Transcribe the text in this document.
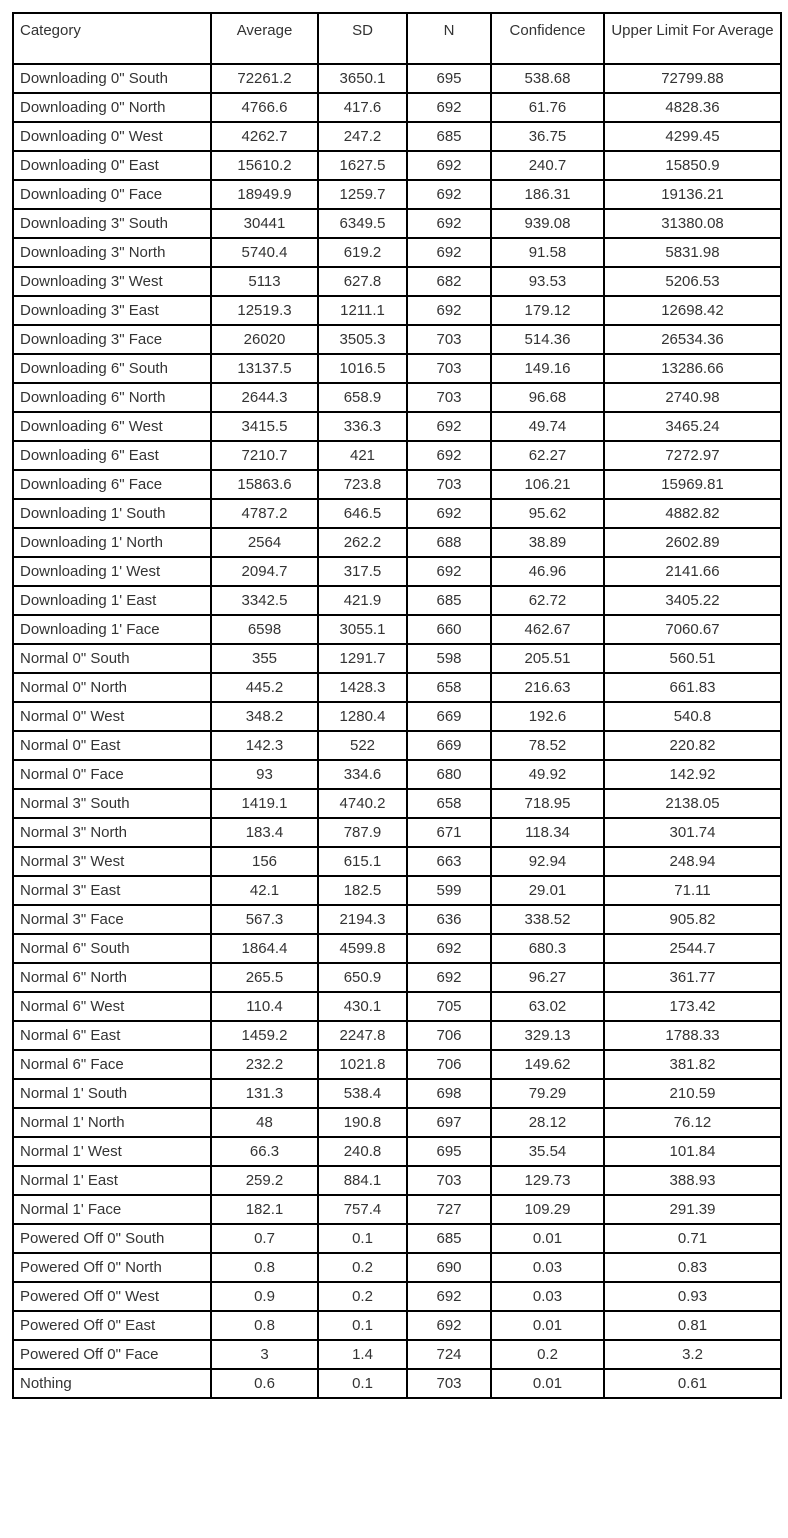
Category	Average	SD	N	Confidence	Upper Limit For Average
Downloading 0" South	72261.2	3650.1	695	538.68	72799.88
Downloading 0" North	4766.6	417.6	692	61.76	4828.36
Downloading 0" West	4262.7	247.2	685	36.75	4299.45
Downloading 0" East	15610.2	1627.5	692	240.7	15850.9
Downloading 0" Face	18949.9	1259.7	692	186.31	19136.21
Downloading 3" South	30441	6349.5	692	939.08	31380.08
Downloading 3" North	5740.4	619.2	692	91.58	5831.98
Downloading 3" West	5113	627.8	682	93.53	5206.53
Downloading 3" East	12519.3	1211.1	692	179.12	12698.42
Downloading 3" Face	26020	3505.3	703	514.36	26534.36
Downloading 6" South	13137.5	1016.5	703	149.16	13286.66
Downloading 6" North	2644.3	658.9	703	96.68	2740.98
Downloading 6" West	3415.5	336.3	692	49.74	3465.24
Downloading 6" East	7210.7	421	692	62.27	7272.97
Downloading 6" Face	15863.6	723.8	703	106.21	15969.81
Downloading 1' South	4787.2	646.5	692	95.62	4882.82
Downloading 1' North	2564	262.2	688	38.89	2602.89
Downloading 1' West	2094.7	317.5	692	46.96	2141.66
Downloading 1' East	3342.5	421.9	685	62.72	3405.22
Downloading 1' Face	6598	3055.1	660	462.67	7060.67
Normal 0" South	355	1291.7	598	205.51	560.51
Normal 0" North	445.2	1428.3	658	216.63	661.83
Normal 0" West	348.2	1280.4	669	192.6	540.8
Normal 0" East	142.3	522	669	78.52	220.82
Normal 0" Face	93	334.6	680	49.92	142.92
Normal 3" South	1419.1	4740.2	658	718.95	2138.05
Normal 3" North	183.4	787.9	671	118.34	301.74
Normal 3" West	156	615.1	663	92.94	248.94
Normal 3" East	42.1	182.5	599	29.01	71.11
Normal 3" Face	567.3	2194.3	636	338.52	905.82
Normal 6" South	1864.4	4599.8	692	680.3	2544.7
Normal 6" North	265.5	650.9	692	96.27	361.77
Normal 6" West	110.4	430.1	705	63.02	173.42
Normal 6" East	1459.2	2247.8	706	329.13	1788.33
Normal 6" Face	232.2	1021.8	706	149.62	381.82
Normal 1' South	131.3	538.4	698	79.29	210.59
Normal 1' North	48	190.8	697	28.12	76.12
Normal 1' West	66.3	240.8	695	35.54	101.84
Normal 1' East	259.2	884.1	703	129.73	388.93
Normal 1' Face	182.1	757.4	727	109.29	291.39
Powered Off 0" South	0.7	0.1	685	0.01	0.71
Powered Off 0" North	0.8	0.2	690	0.03	0.83
Powered Off 0" West	0.9	0.2	692	0.03	0.93
Powered Off 0" East	0.8	0.1	692	0.01	0.81
Powered Off 0" Face	3	1.4	724	0.2	3.2
Nothing	0.6	0.1	703	0.01	0.61
